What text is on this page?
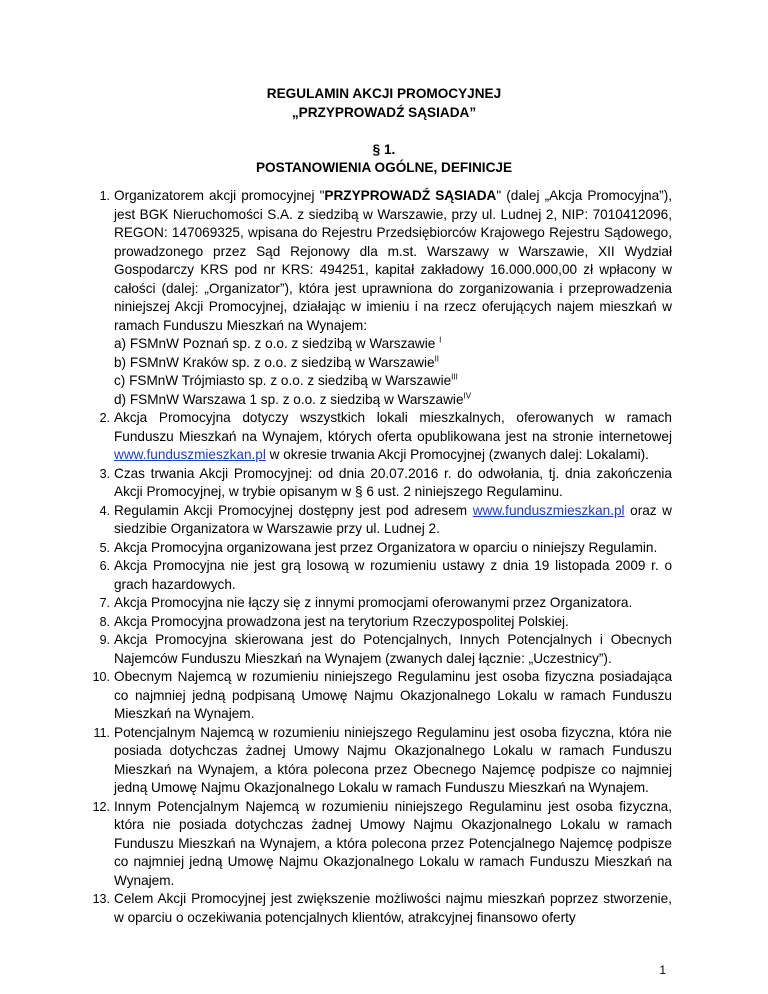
REGULAMIN AKCJI PROMOCYJNEJ
„PRZYPROWADŹ SĄSIADA”
§ 1.
POSTANOWIENIA OGÓLNE, DEFINICJE
1. Organizatorem akcji promocyjnej "PRZYPROWADŹ SĄSIADA" (dalej „Akcja Promocyjna”), jest BGK Nieruchomości S.A. z siedzibą w Warszawie, przy ul. Ludnej 2, NIP: 7010412096, REGON: 147069325, wpisana do Rejestru Przedsiębiorców Krajowego Rejestru Sądowego, prowadzonego przez Sąd Rejonowy dla m.st. Warszawy w Warszawie, XII Wydział Gospodarczy KRS pod nr KRS: 494251, kapitał zakładowy 16.000.000,00 zł wpłacony w całości (dalej: „Organizator”), która jest uprawniona do zorganizowania i przeprowadzenia niniejszej Akcji Promocyjnej, działając w imieniu i na rzecz oferujących najem mieszkań w ramach Funduszu Mieszkań na Wynajem:
a) FSMnW Poznań sp. z o.o. z siedzibą w Warszawie $^I$
b) FSMnW Kraków sp. z o.o. z siedzibą w Warszawie$^{II}$
c) FSMnW Trójmiasto sp. z o.o. z siedzibą w Warszawie$^{III}$
d) FSMnW Warszawa 1 sp. z o.o. z siedzibą w Warszawie$^{IV}$
2. Akcja Promocyjna dotyczy wszystkich lokali mieszkalnych, oferowanych w ramach Funduszu Mieszkań na Wynajem, których oferta opublikowana jest na stronie internetowej www.funduszmieszkan.pl w okresie trwania Akcji Promocyjnej (zwanych dalej: Lokalami).
3. Czas trwania Akcji Promocyjnej: od dnia 20.07.2016 r. do odwołania, tj. dnia zakończenia Akcji Promocyjnej, w trybie opisanym w § 6 ust. 2 niniejszego Regulaminu.
4. Regulamin Akcji Promocyjnej dostępny jest pod adresem www.funduszmieszkan.pl oraz w siedzibie Organizatora w Warszawie przy ul. Ludnej 2.
5. Akcja Promocyjna organizowana jest przez Organizatora w oparciu o niniejszy Regulamin.
6. Akcja Promocyjna nie jest grą losową w rozumieniu ustawy z dnia 19 listopada 2009 r. o grach hazardowych.
7. Akcja Promocyjna nie łączy się z innymi promocjami oferowanymi przez Organizatora.
8. Akcja Promocyjna prowadzona jest na terytorium Rzeczypospolitej Polskiej.
9. Akcja Promocyjna skierowana jest do Potencjalnych, Innych Potencjalnych i Obecnych Najemców Funduszu Mieszkań na Wynajem (zwanych dalej łącznie: „Uczestnicy”).
10. Obecnym Najemcą w rozumieniu niniejszego Regulaminu jest osoba fizyczna posiadająca co najmniej jedną podpisaną Umowę Najmu Okazjonalnego Lokalu w ramach Funduszu Mieszkań na Wynajem.
11. Potencjalnym Najemcą w rozumieniu niniejszego Regulaminu jest osoba fizyczna, która nie posiada dotychczas żadnej Umowy Najmu Okazjonalnego Lokalu w ramach Funduszu Mieszkań na Wynajem, a która polecona przez Obecnego Najemcę podpisze co najmniej jedną Umowę Najmu Okazjonalnego Lokalu w ramach Funduszu Mieszkań na Wynajem.
12. Innym Potencjalnym Najemcą w rozumieniu niniejszego Regulaminu jest osoba fizyczna, która nie posiada dotychczas żadnej Umowy Najmu Okazjonalnego Lokalu w ramach Funduszu Mieszkań na Wynajem, a która polecona przez Potencjalnego Najemcę podpisze co najmniej jedną Umowę Najmu Okazjonalnego Lokalu w ramach Funduszu Mieszkań na Wynajem.
13. Celem Akcji Promocyjnej jest zwiększenie możliwości najmu mieszkań poprzez stworzenie, w oparciu o oczekiwania potencjalnych klientów, atrakcyjnej finansowo oferty
1
